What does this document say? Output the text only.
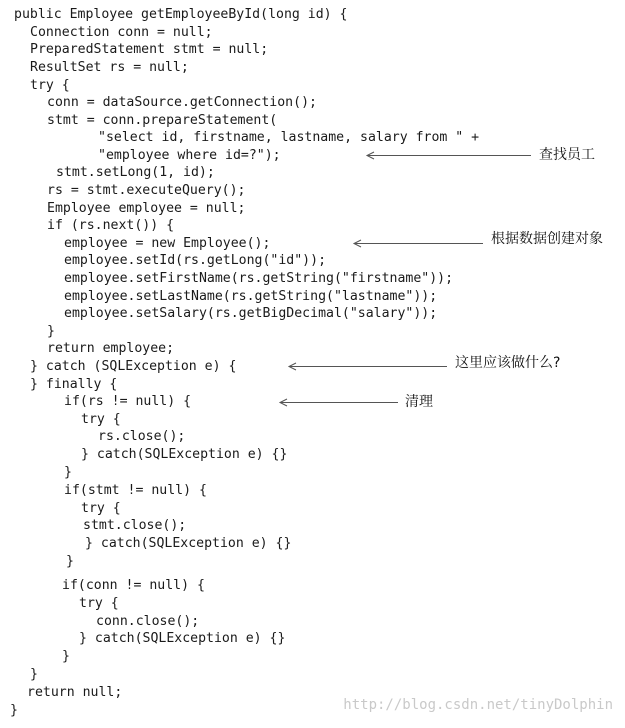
public Employee getEmployeeById(long id) {
Connection conn = null;
PreparedStatement stmt = null;
ResultSet rs = null;
try {
conn = dataSource.getConnection();
stmt = conn.prepareStatement(
"select id, firstname, lastname, salary from " +
"employee where id=?");
stmt.setLong(1, id);
rs = stmt.executeQuery();
Employee employee = null;
if (rs.next()) {
employee = new Employee();
employee.setId(rs.getLong("id"));
employee.setFirstName(rs.getString("firstname"));
employee.setLastName(rs.getString("lastname"));
employee.setSalary(rs.getBigDecimal("salary"));
}
return employee;
} catch (SQLException e) {
} finally {
if(rs != null) {
try {
rs.close();
} catch(SQLException e) {}
}
if(stmt != null) {
try {
stmt.close();
} catch(SQLException e) {}
}
if(conn != null) {
try {
conn.close();
} catch(SQLException e) {}
}
}
return null;
}
查找员工
根据数据创建对象
这里应该做什么?
清理
http://blog.csdn.net/tinyDolphin
